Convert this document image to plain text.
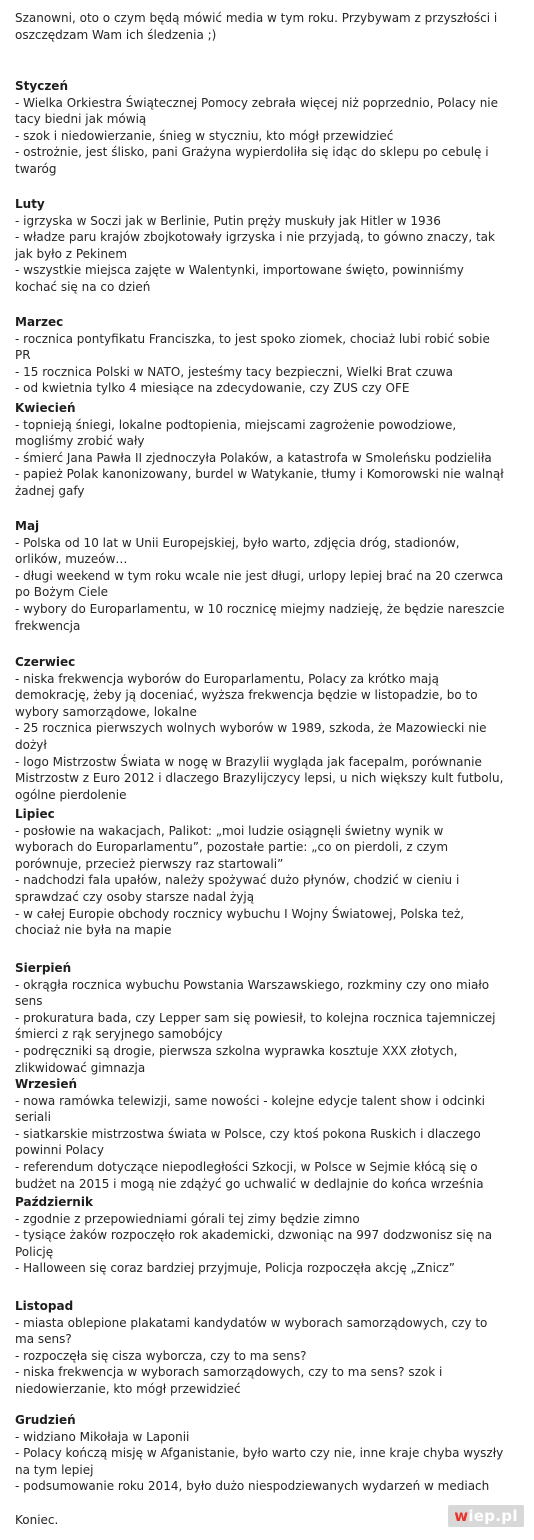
Szanowni, oto o czym będą mówić media w tym roku. Przybywam z przyszłości i oszczędzam Wam ich śledzenia ;)
Styczeń
- Wielka Orkiestra Świątecznej Pomocy zebrała więcej niż poprzednio, Polacy nie tacy biedni jak mówią
- szok i niedowierzanie, śnieg w styczniu, kto mógł przewidzieć
- ostrożnie, jest ślisko, pani Grażyna wypierdoliła się idąc do sklepu po cebulę i twaróg
Luty
- igrzyska w Soczi jak w Berlinie, Putin pręży muskuły jak Hitler w 1936
- władze paru krajów zbojkotowały igrzyska i nie przyjadą, to gówno znaczy, tak jak było z Pekinem
- wszystkie miejsca zajęte w Walentynki, importowane święto, powinniśmy kochać się na co dzień
Marzec
- rocznica pontyfikatu Franciszka, to jest spoko ziomek, chociaż lubi robić sobie PR
- 15 rocznica Polski w NATO, jesteśmy tacy bezpieczni, Wielki Brat czuwa
- od kwietnia tylko 4 miesiące na zdecydowanie, czy ZUS czy OFE
Kwiecień
- topnieją śniegi, lokalne podtopienia, miejscami zagrożenie powodziowe, mogliśmy zrobić wały
- śmierć Jana Pawła II zjednoczyła Polaków, a katastrofa w Smoleńsku podzieliła
- papież Polak kanonizowany, burdel w Watykanie, tłumy i Komorowski nie walnął żadnej gafy
Maj
- Polska od 10 lat w Unii Europejskiej, było warto, zdjęcia dróg, stadionów, orlików, muzeów…
- długi weekend w tym roku wcale nie jest długi, urlopy lepiej brać na 20 czerwca po Bożym Ciele
- wybory do Europarlamentu, w 10 rocznicę miejmy nadzieję, że będzie nareszcie frekwencja
Czerwiec
- niska frekwencja wyborów do Europarlamentu, Polacy za krótko mają demokrację, żeby ją doceniać, wyższa frekwencja będzie w listopadzie, bo to wybory samorządowe, lokalne
- 25 rocznica pierwszych wolnych wyborów w 1989, szkoda, że Mazowiecki nie dożył
- logo Mistrzostw Świata w nogę w Brazylii wygląda jak facepalm, porównanie Mistrzostw z Euro 2012 i dlaczego Brazylijczycy lepsi, u nich większy kult futbolu, ogólne pierdolenie
Lipiec
- posłowie na wakacjach, Palikot: „moi ludzie osiągnęli świetny wynik w wyborach do Europarlamentu”, pozostałe partie: „co on pierdoli, z czym porównuje, przecież pierwszy raz startowali”
- nadchodzi fala upałów, należy spożywać dużo płynów, chodzić w cieniu i sprawdzać czy osoby starsze nadal żyją
- w całej Europie obchody rocznicy wybuchu I Wojny Światowej, Polska też, chociaż nie była na mapie
Sierpień
- okrągła rocznica wybuchu Powstania Warszawskiego, rozkminy czy ono miało sens
- prokuratura bada, czy Lepper sam się powiesił, to kolejna rocznica tajemniczej śmierci z rąk seryjnego samobójcy
- podręczniki są drogie, pierwsza szkolna wyprawka kosztuje XXX złotych, zlikwidować gimnazja
Wrzesień
- nowa ramówka telewizji, same nowości - kolejne edycje talent show i odcinki seriali
- siatkarskie mistrzostwa świata w Polsce, czy ktoś pokona Ruskich i dlaczego powinni Polacy
- referendum dotyczące niepodległości Szkocji, w Polsce w Sejmie kłócą się o budżet na 2015 i mogą nie zdążyć go uchwalić w dedlajnie do końca września
Październik
- zgodnie z przepowiedniami górali tej zimy będzie zimno
- tysiące żaków rozpoczęło rok akademicki, dzwoniąc na 997 dodzwonisz się na Policję
- Halloween się coraz bardziej przyjmuje, Policja rozpoczęła akcję „Znicz”
Listopad
- miasta oblepione plakatami kandydatów w wyborach samorządowych, czy to ma sens?
- rozpoczęła się cisza wyborcza, czy to ma sens?
- niska frekwencja w wyborach samorządowych, czy to ma sens? szok i niedowierzanie, kto mógł przewidzieć
Grudzień
- widziano Mikołaja w Laponii
- Polacy kończą misję w Afganistanie, było warto czy nie, inne kraje chyba wyszły na tym lepiej
- podsumowanie roku 2014, było dużo niespodziewanych wydarzeń w mediach
Koniec.	wiep.pl
